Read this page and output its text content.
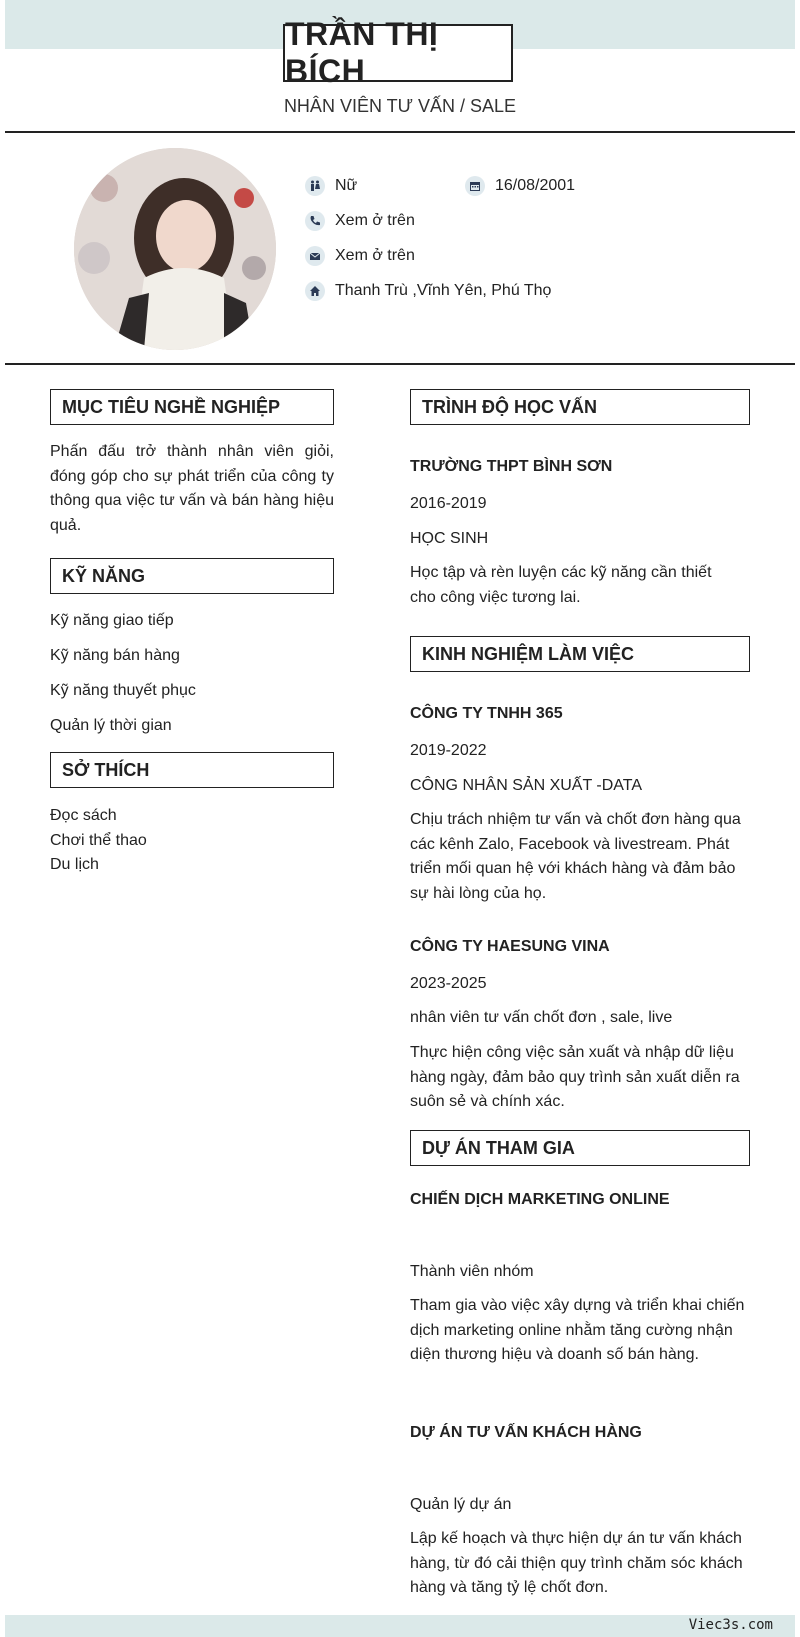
TRẦN THỊ BÍCH
NHÂN VIÊN TƯ VẤN / SALE
Nữ	16/08/2001
Xem ở trên
Xem ở trên
Thanh Trù ,Vĩnh Yên, Phú Thọ
MỤC TIÊU NGHỀ NGHIỆP
Phấn đấu trở thành nhân viên giỏi, đóng góp cho sự phát triển của công ty thông qua việc tư vấn và bán hàng hiệu quả.
KỸ NĂNG
Kỹ năng giao tiếp
Kỹ năng bán hàng
Kỹ năng thuyết phục
Quản lý thời gian
SỞ THÍCH
Đọc sách
Chơi thể thao
Du lịch
TRÌNH ĐỘ HỌC VẤN
TRƯỜNG THPT BÌNH SƠN
2016-2019
HỌC SINH
Học tập và rèn luyện các kỹ năng cần thiết cho công việc tương lai.
KINH NGHIỆM LÀM VIỆC
CÔNG TY TNHH 365
2019-2022
CÔNG NHÂN SẢN XUẤT -DATA
Chịu trách nhiệm tư vấn và chốt đơn hàng qua các kênh Zalo, Facebook và livestream. Phát triển mối quan hệ với khách hàng và đảm bảo sự hài lòng của họ.
CÔNG TY HAESUNG VINA
2023-2025
nhân viên tư vấn chốt đơn , sale, live
Thực hiện công việc sản xuất và nhập dữ liệu hàng ngày, đảm bảo quy trình sản xuất diễn ra suôn sẻ và chính xác.
DỰ ÁN THAM GIA
CHIẾN DỊCH MARKETING ONLINE
Thành viên nhóm
Tham gia vào việc xây dựng và triển khai chiến dịch marketing online nhằm tăng cường nhận diện thương hiệu và doanh số bán hàng.
DỰ ÁN TƯ VẤN KHÁCH HÀNG
Quản lý dự án
Lập kế hoạch và thực hiện dự án tư vấn khách hàng, từ đó cải thiện quy trình chăm sóc khách hàng và tăng tỷ lệ chốt đơn.
Viec3s.com
